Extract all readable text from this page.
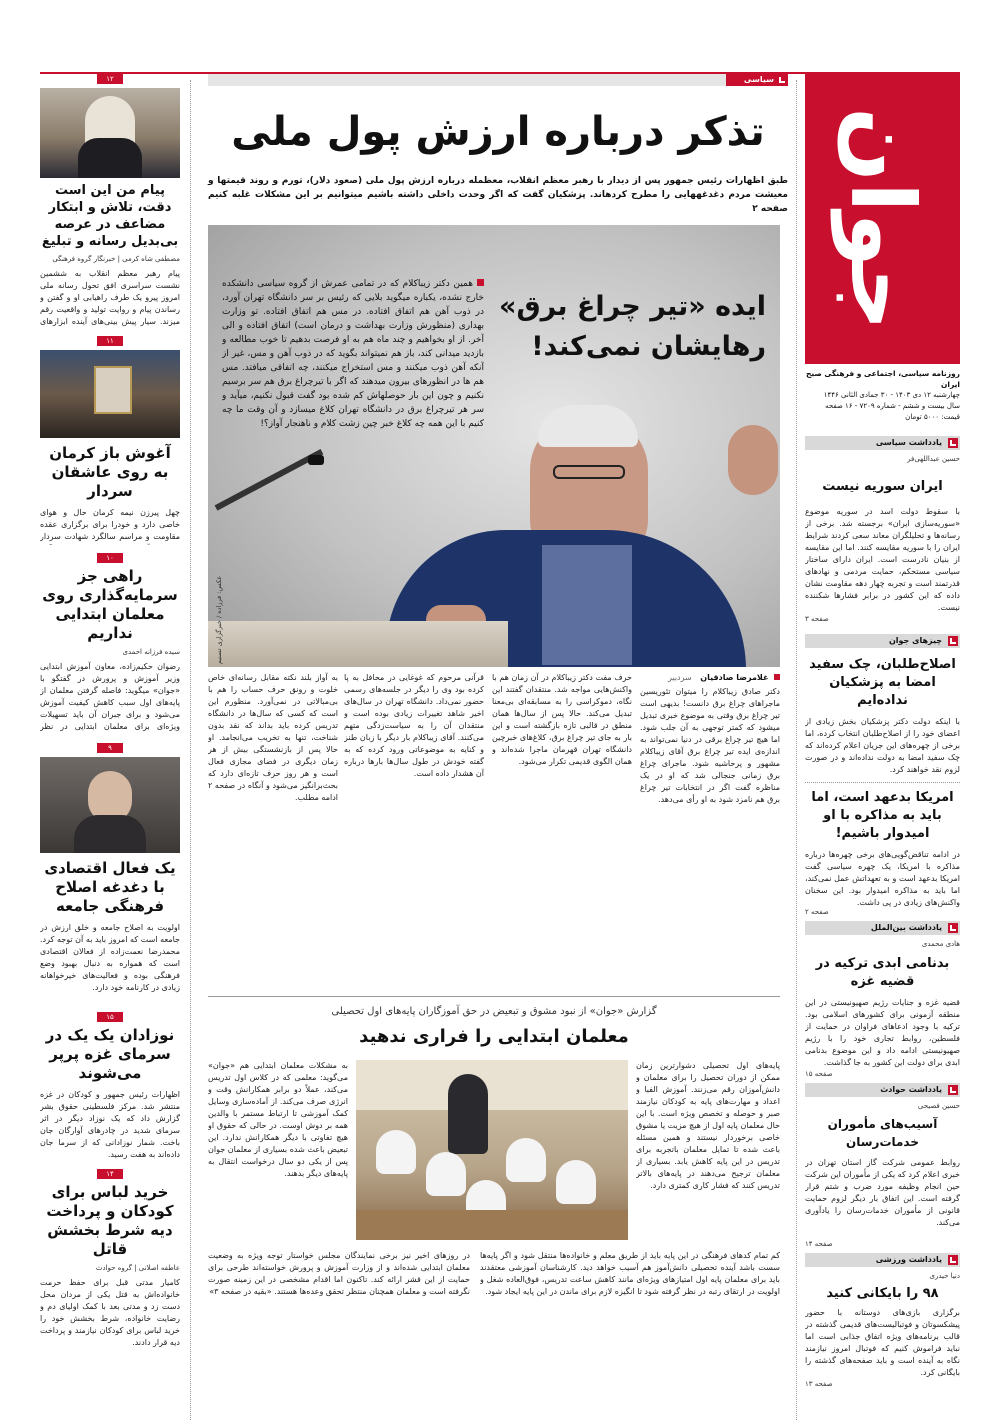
جوان
روزنامه سیاسی، اجتماعی و فرهنگی صبح ایران
چهارشنبه ۱۲ دی ۱۴۰۳ - ۳۰ جمادی الثانی ۱۴۴۶
سال بیست و ششم - شماره ۷۲۰۹ - ۱۶ صفحه
قیمت: ۵۰۰۰ تومان
یادداشت سیاسی
حسین عبداللهی‌فر
ایران سوریه نیست
با سقوط دولت اسد در سوریه موضوع «سوریه‌سازی ایران» برجسته شد. برخی از رسانه‌ها و تحلیلگران معاند سعی کردند شرایط ایران را با سوریه مقایسه کنند. اما این مقایسه از بنیان نادرست است. ایران دارای ساختار سیاسی مستحکم، حمایت مردمی و نهادهای قدرتمند است و تجربه چهار دهه مقاومت نشان داده که این کشور در برابر فشارها شکننده نیست.
صفحه ۳
چیزهای جوان
اصلاح‌طلبان، چک سفید امضا به پزشکیان نداده‌ایم
با اینکه دولت دکتر پزشکیان بخش زیادی از اعضای خود را از اصلاح‌طلبان انتخاب کرده، اما برخی از چهره‌های این جریان اعلام کرده‌اند که چک سفید امضا به دولت نداده‌اند و در صورت لزوم نقد خواهند کرد.
امریکا بدعهد است، اما باید به مذاکره با او امیدوار باشیم!
در ادامه تناقض‌گویی‌های برخی چهره‌ها درباره مذاکره با امریکا، یک چهره سیاسی گفت امریکا بدعهد است و به تعهداتش عمل نمی‌کند، اما باید به مذاکره امیدوار بود. این سخنان واکنش‌های زیادی در پی داشت.
صفحه ۲
یادداشت بین‌الملل
هادی محمدی
بدنامی ابدی ترکیه در قضیه غزه
قضیه غزه و جنایات رژیم صهیونیستی در این منطقه آزمونی برای کشورهای اسلامی بود. ترکیه با وجود ادعاهای فراوان در حمایت از فلسطین، روابط تجاری خود را با رژیم صهیونیستی ادامه داد و این موضوع بدنامی ابدی برای دولت این کشور به جا گذاشت.
صفحه ۱۵
یادداشت حوادث
حسین فصیحی
آسیب‌های مأموران خدمات‌رسان
روابط عمومی شرکت گاز استان تهران در خبری اعلام کرد که یکی از مأموران این شرکت حین انجام وظیفه مورد ضرب و شتم قرار گرفته است. این اتفاق بار دیگر لزوم حمایت قانونی از مأموران خدمات‌رسان را یادآوری می‌کند.
صفحه ۱۴
یادداشت ورزشی
دنیا حیدری
۹۸ را بایکانی کنید
برگزاری بازی‌های دوستانه با حضور پیشکسوتان و فوتبالیست‌های قدیمی گذشته در قالب برنامه‌های ویژه اتفاق جذابی است اما نباید فراموش کنیم که فوتبال امروز نیازمند نگاه به آینده است و باید صفحه‌های گذشته را بایگانی کرد.
صفحه ۱۳
۱۲
پیام من این است دقت، تلاش و ابتکار مضاعف در عرصه بی‌بدیل رسانه و تبلیغ
مصطفی شاه کرمی | خبرنگار گروه فرهنگی
پیام رهبر معظم انقلاب به ششمین نشست سراسری افق تحول رسانه ملی امروز پیرو یک طرف راهیابی او و گفتن و رساندن پیام و روایت تولید و واقعیت رقم میزند. سیار پیش بینی‌های آینده ابزارهای
۱۱
آغوش باز کرمان به روی عاشقان سردار
چهل پیرزن نیمه کرمان حال و هوای خاصی دارد و خودرا برای برگزاری عقده مقاومت و مراسم سالگرد شهادت سردار
۱۰
راهی جز سرمایه‌گذاری روی معلمان ابتدایی نداریم
سیده فرزانه احمدی
رضوان حکیم‌زاده، معاون آموزش ابتدایی وزیر آموزش و پرورش در گفتگو با «جوان» میگوید: فاصله گرفتن معلمان از پایه‌های اول سبب کاهش کیفیت آموزش می‌شود و برای جبران آن باید تسهیلات ویژه‌ای برای معلمان ابتدایی در نظر
۹
یک فعال اقتصادی با دغدغه اصلاح فرهنگی جامعه
اولویت به اصلاح جامعه و خلق ارزش در جامعه است که امروز باید به آن توجه کرد. محمدرضا نعمت‌زاده از فعالان اقتصادی است که همواره به دنبال بهبود وضع فرهنگی بوده و فعالیت‌های خیرخواهانه زیادی در کارنامه خود دارد.
۱۵
نوزادان یک یک در سرمای غزه پرپر می‌شوند
اظهارات رئیس جمهور و کودکان در غزه منتشر شد. مرکز فلسطینی حقوق بشر گزارش داد که یک نوزاد دیگر در اثر سرمای شدید در چادرهای آوارگان جان باخت. شمار نوزادانی که از سرما جان داده‌اند به هفت رسید.
۱۴
خرید لباس برای کودکان و پرداخت دیه شرط بخشش قاتل
عاطفه اصلانی | گروه حوادث
کامیار مدتی قبل برای حفظ حرمت خانواده‌اش به قتل یکی از مردان محل دست زد و مدتی بعد با کمک اولیای دم و رضایت خانواده، شرط بخشش خود را خرید لباس برای کودکان نیازمند و پرداخت دیه قرار دادند.
سیاسی
تذکر درباره ارزش پول ملی
طبق اظهارات رئیس جمهور پس از دیدار با رهبر معظم انقلاب، معظمله درباره ارزش پول ملی (صعود دلار)، تورم و روند قیمتها و معیشت مردم دغدغههایی را مطرح کردهاند. پزشکیان گفت که اگر وحدت داخلی داشته باشیم میتوانیم بر این مشکلات غلبه کنیم صفحه ۲
ایده «تیر چراغ برق»
رهایشان نمی‌کند!
همین دکتر زیباکلام که در تمامی عمرش از گروه سیاسی دانشکده خارج نشده، یکباره میگوید بلایی که رئیس بر سر دانشگاه تهران آورد، در ذوب آهن هم اتفاق افتاده. در مس هم اتفاق افتاده. تو وزارت بهداری (منظورش وزارت بهداشت و درمان است) اتفاق افتاده و الی آخر. از او بخواهیم و چند ماه هم به او فرصت بدهیم تا خوب مطالعه و بازدید میدانی کند، باز هم نمیتواند بگوید که در ذوب آهن و مس، غیر از آنکه آهن ذوب میکنند و مس استخراج میکنند، چه اتفاقی میافتد. مس هم ها در انظورهای بیرون میدهند که اگر با تیرچراغ برق هم سر برسیم نکنیم و چون این بار حوصلهاش کم شده بود گفت قبول نکنیم، میآید و سر هر تیرچراغ برق در دانشگاه تهران کلاغ میسازد و آن وقت ما چه کنیم با این همه چه کلاغ خبر چین زشت کلام و ناهنجار آواز؟!
عکس: فرزاده / خبرگزاری تسنیم
غلامرضا صادقیان سردبیر
دکتر صادق زیباکلام را میتوان تئوریسین ماجراهای چراغ برق دانست! بدیهی است تیر چراغ برق وقتی به موضوع خبری تبدیل میشود که کمتر توجهی به آن جلب شود. اما هیچ تیر چراغ برقی در دنیا نمی‌تواند به اندازه‌ی ایده تیر چراغ برق آقای زیباکلام مشهور و پرحاشیه شود. ماجرای چراغ برق زمانی جنجالی شد که او در یک مناظره گفت اگر در انتخابات تیر چراغ برق هم نامزد شود به او رأی می‌دهد.
حرف مفت دکتر زیباکلام در آن زمان هم با واکنش‌هایی مواجه شد. منتقدان گفتند این نگاه، دموکراسی را به مسابقه‌ای بی‌معنا تبدیل می‌کند. حالا پس از سال‌ها همان منطق در قالبی تازه بازگشته است و این بار به جای تیر چراغ برق، کلاغ‌های خبرچین دانشگاه تهران قهرمان ماجرا شده‌اند و همان الگوی قدیمی تکرار می‌شود.
قرآنی مرحوم که غوغایی در محافل به پا کرده بود وی را دیگر در جلسه‌های رسمی حضور نمی‌داد. دانشگاه تهران در سال‌های اخیر شاهد تغییرات زیادی بوده است و منتقدان آن را به سیاست‌زدگی متهم می‌کنند. آقای زیباکلام بار دیگر با زبان طنز و کنایه به موضوعاتی ورود کرده که به گفته خودش در طول سال‌ها بارها درباره آن هشدار داده است.
به آواز بلند نکته مقابل رسانه‌ای خاص خلوت و رونق حرف حساب را هم با بی‌مبالاتی در نمی‌آورد. منظورم این است که کسی که سال‌ها در دانشگاه تدریس کرده باید بداند که نقد بدون شناخت، تنها به تخریب می‌انجامد. او حالا پس از بازنشستگی بیش از هر زمان دیگری در فضای مجازی فعال است و هر روز حرف تازه‌ای دارد که بحث‌برانگیز می‌شود و آنگاه در صفحه ۲ ادامه مطلب.
گزارش «جوان» از نبود مشوق و تبعیض در حق آموزگاران پایه‌های اول تحصیلی
معلمان ابتدایی را فراری ندهید
پایه‌های اول تحصیلی دشوارترین زمان ممکن از دوران تحصیل را برای معلمان و دانش‌آموزان رقم می‌زنند. آموزش الفبا و اعداد و مهارت‌های پایه به کودکان نیازمند صبر و حوصله و تخصص ویژه است. با این حال معلمان پایه اول از هیچ مزیت یا مشوق خاصی برخوردار نیستند و همین مسئله باعث شده تا تمایل معلمان باتجربه برای تدریس در این پایه کاهش یابد. بسیاری از معلمان ترجیح می‌دهند در پایه‌های بالاتر تدریس کنند که فشار کاری کمتری دارد.
کم تمام کدهای فرهنگی در این پایه باید از طریق معلم و خانواده‌ها منتقل شود و اگر پایه‌ها سست باشد آینده تحصیلی دانش‌آموز هم آسیب خواهد دید. کارشناسان آموزشی معتقدند باید برای معلمان پایه اول امتیازهای ویژه‌ای مانند کاهش ساعت تدریس، فوق‌العاده شغل و اولویت در ارتقای رتبه در نظر گرفته شود تا انگیزه لازم برای ماندن در این پایه ایجاد شود.
به مشکلات معلمان ابتدایی هم «جوان» می‌گوید: معلمی که در کلاس اول تدریس می‌کند، عملاً دو برابر همکارانش وقت و انرژی صرف می‌کند. از آماده‌سازی وسایل کمک آموزشی تا ارتباط مستمر با والدین همه بر دوش اوست. در حالی که حقوق او هیچ تفاوتی با دیگر همکارانش ندارد. این تبعیض باعث شده بسیاری از معلمان جوان پس از یکی دو سال درخواست انتقال به پایه‌های دیگر بدهند.
در روزهای اخیر نیز برخی نمایندگان مجلس خواستار توجه ویژه به وضعیت معلمان ابتدایی شده‌اند و از وزارت آموزش و پرورش خواسته‌اند طرحی برای حمایت از این قشر ارائه کند. تاکنون اما اقدام مشخصی در این زمینه صورت نگرفته است و معلمان همچنان منتظر تحقق وعده‌ها هستند. «بقیه در صفحه ۳»
